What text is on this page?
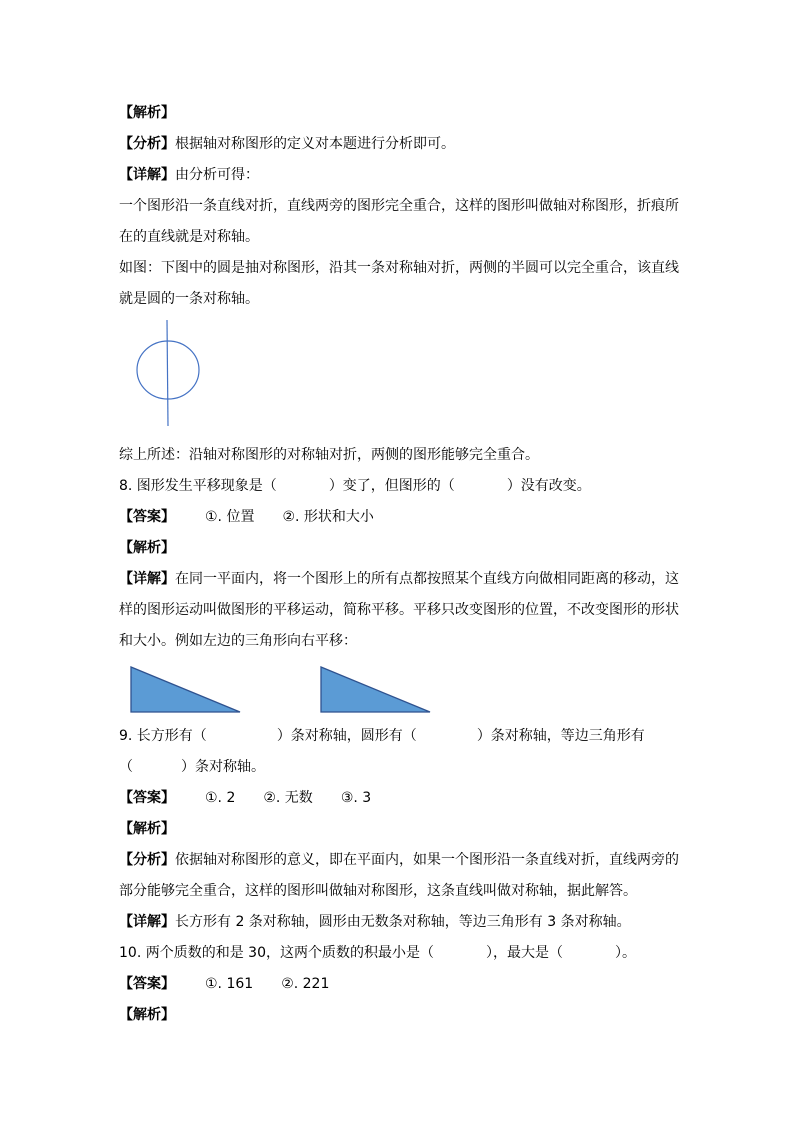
【解析】
【分析】根据轴对称图形的定义对本题进行分析即可。
【详解】由分析可得：
一个图形沿一条直线对折，直线两旁的图形完全重合，这样的图形叫做轴对称图形，折痕所
在的直线就是对称轴。
如图：下图中的圆是抽对称图形，沿其一条对称轴对折，两侧的半圆可以完全重合，该直线
就是圆的一条对称轴。
综上所述：沿轴对称图形的对称轴对折，两侧的图形能够完全重合。
8. 图形发生平移现象是（	）变了，但图形的（	）没有改变。
【答案】 ①. 位置 ②. 形状和大小
【解析】
【详解】在同一平面内，将一个图形上的所有点都按照某个直线方向做相同距离的移动，这
样的图形运动叫做图形的平移运动，简称平移。平移只改变图形的位置，不改变图形的形状
和大小。例如左边的三角形向右平移：
9. 长方形有（	）条对称轴，圆形有（	）条对称轴，等边三角形有
（	）条对称轴。
【答案】 ①. 2 ②. 无数 ③. 3
【解析】
【分析】依据轴对称图形的意义，即在平面内，如果一个图形沿一条直线对折，直线两旁的
部分能够完全重合，这样的图形叫做轴对称图形，这条直线叫做对称轴，据此解答。
【详解】长方形有 2 条对称轴，圆形由无数条对称轴，等边三角形有 3 条对称轴。
10. 两个质数的和是 30，这两个质数的积最小是（	），最大是（	）。
【答案】 ①. 161 ②. 221
【解析】
